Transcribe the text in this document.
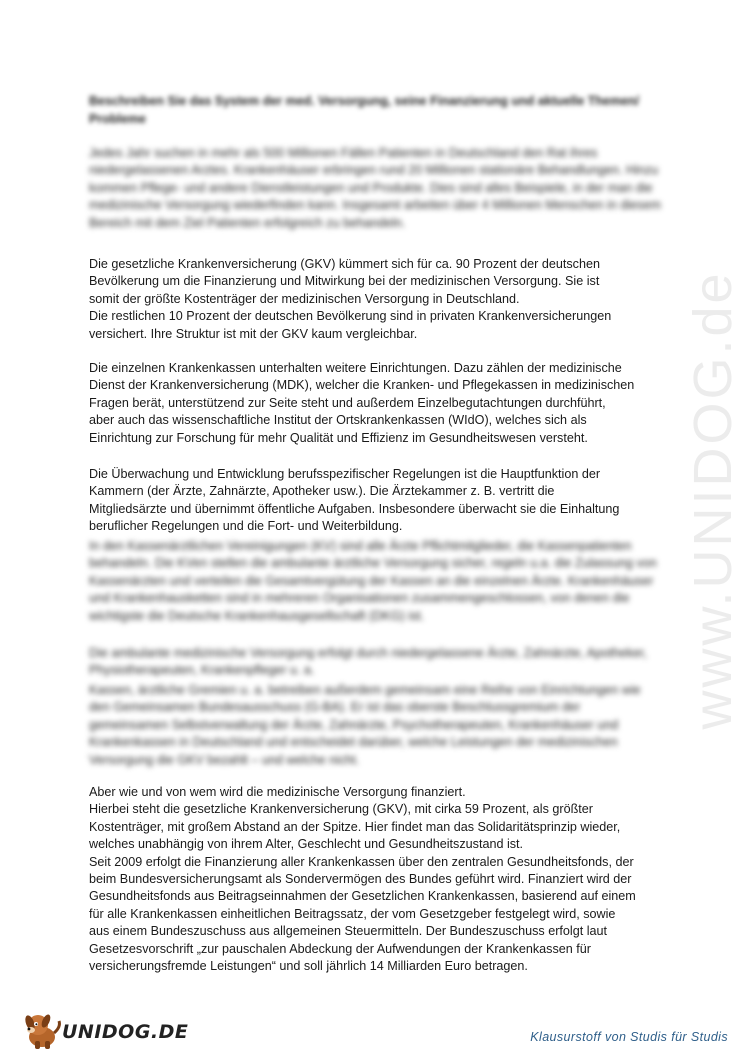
www.UNIDOG.de
Beschreiben Sie das System der med. Versorgung, seine Finanzierung und aktuelle Themen/ Probleme

Jedes Jahr suchen in mehr als 500 Millionen Fällen Patienten in Deutschland den Rat ihres niedergelassenen Arztes. Krankenhäuser erbringen rund 20 Millionen stationäre Behandlungen. Hinzu kommen Pflege- und andere Dienstleistungen und Produkte. Dies sind alles Beispiele, in der man die medizinische Versorgung wiederfinden kann. Insgesamt arbeiten über 4 Millionen Menschen in diesem Bereich mit dem Ziel Patienten erfolgreich zu behandeln.

Die gesetzliche Krankenversicherung (GKV) kümmert sich für ca. 90 Prozent der deutschen

Bevölkerung um die Finanzierung und Mitwirkung bei der medizinischen Versorgung. Sie ist

somit der größte Kostenträger der medizinischen Versorgung in Deutschland.

Die restlichen 10 Prozent der deutschen Bevölkerung sind in privaten Krankenversicherungen

versichert. Ihre Struktur ist mit der GKV kaum vergleichbar.

Die einzelnen Krankenkassen unterhalten weitere Einrichtungen. Dazu zählen der medizinische

Dienst der Krankenversicherung (MDK), welcher die Kranken- und Pflegekassen in medizinischen

Fragen berät, unterstützend zur Seite steht und außerdem Einzelbegutachtungen durchführt,

aber auch das wissenschaftliche Institut der Ortskrankenkassen (WIdO), welches sich als

Einrichtung zur Forschung für mehr Qualität und Effizienz im Gesundheitswesen versteht.

Die Überwachung und Entwicklung berufsspezifischer Regelungen ist die Hauptfunktion der

Kammern (der Ärzte, Zahnärzte, Apotheker usw.). Die Ärztekammer z. B. vertritt die

Mitgliedsärzte und übernimmt öffentliche Aufgaben. Insbesondere überwacht sie die Einhaltung

beruflicher Regelungen und die Fort- und Weiterbildung.

In den Kassenärztlichen Vereinigungen (KV) sind alle Ärzte Pflichtmitglieder, die Kassenpatienten behandeln. Die KVen stellen die ambulante ärztliche Versorgung sicher, regeln u.a. die Zulassung von Kassenärzten und verteilen die Gesamtvergütung der Kassen an die einzelnen Ärzte. Krankenhäuser und Krankenhausketten sind in mehreren Organisationen zusammengeschlossen, von denen die wichtigste die Deutsche Krankenhausgesellschaft (DKG) ist.

Die ambulante medizinische Versorgung erfolgt durch niedergelassene Ärzte, Zahnärzte, Apotheker, Physiotherapeuten, Krankenpfleger u. a.

Kassen, ärztliche Gremien u. a. betreiben außerdem gemeinsam eine Reihe von Einrichtungen wie den Gemeinsamen Bundesausschuss (G-BA). Er ist das oberste Beschlussgremium der gemeinsamen Selbstverwaltung der Ärzte, Zahnärzte, Psychotherapeuten, Krankenhäuser und Krankenkassen in Deutschland und entscheidet darüber, welche Leistungen der medizinischen Versorgung die GKV bezahlt – und welche nicht.

Aber wie und von wem wird die medizinische Versorgung finanziert.

Hierbei steht die gesetzliche Krankenversicherung (GKV), mit cirka 59 Prozent, als größter

Kostenträger, mit großem Abstand an der Spitze. Hier findet man das Solidaritätsprinzip wieder,

welches unabhängig von ihrem Alter, Geschlecht und Gesundheitszustand ist.

Seit 2009 erfolgt die Finanzierung aller Krankenkassen über den zentralen Gesundheitsfonds, der

beim Bundesversicherungsamt als Sondervermögen des Bundes geführt wird. Finanziert wird der

Gesundheitsfonds aus Beitragseinnahmen der Gesetzlichen Krankenkassen, basierend auf einem

für alle Krankenkassen einheitlichen Beitragssatz, der vom Gesetzgeber festgelegt wird, sowie

aus einem Bundeszuschuss aus allgemeinen Steuermitteln. Der Bundeszuschuss erfolgt laut

Gesetzesvorschrift „zur pauschalen Abdeckung der Aufwendungen der Krankenkassen für

versicherungsfremde Leistungen“ und soll jährlich 14 Milliarden Euro betragen.

UNIDOG.DE	Klausurstoff von Studis für Studis
